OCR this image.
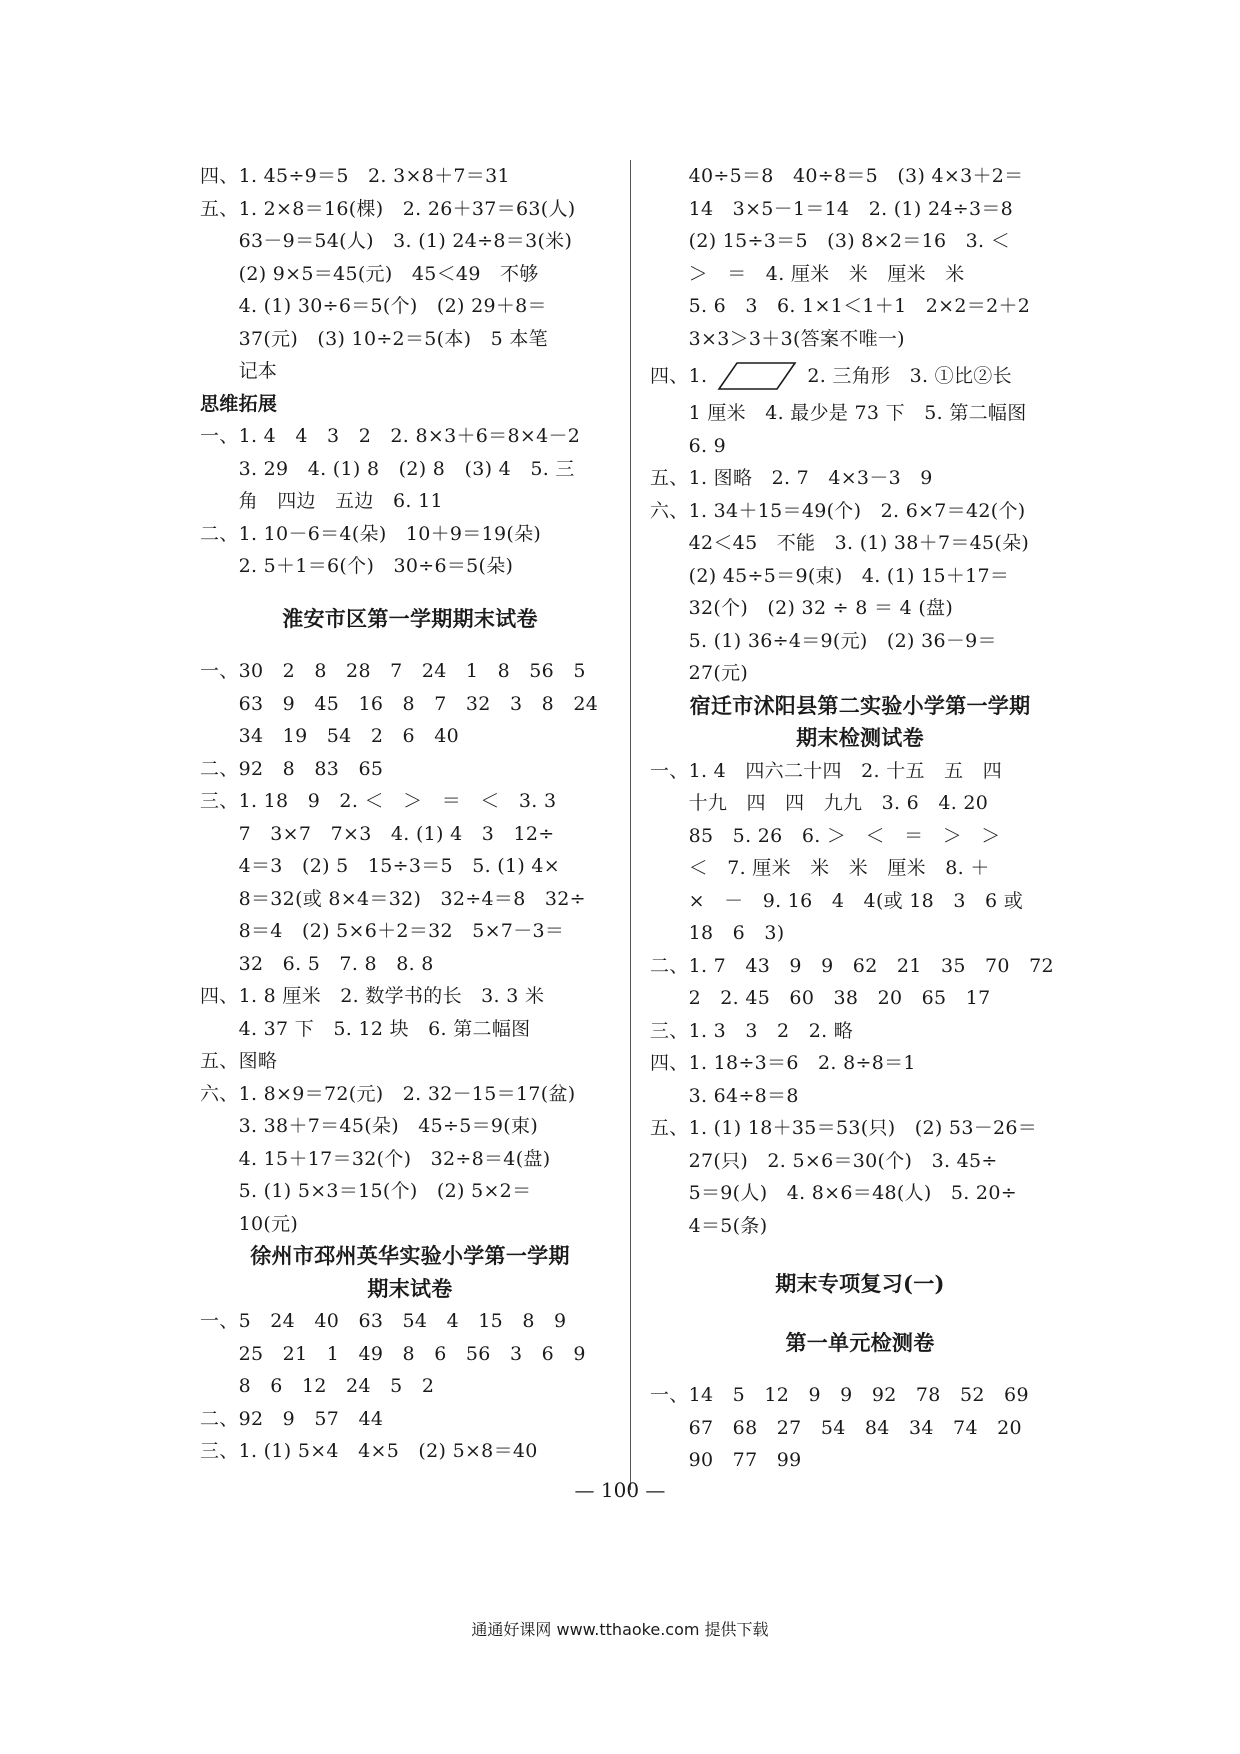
四、1. 45÷9＝5　2. 3×8＋7＝31
五、1. 2×8＝16(棵)　2. 26＋37＝63(人)
　　63－9＝54(人)　3. (1) 24÷8＝3(米)
　　(2) 9×5＝45(元)　45＜49　不够
　　4. (1) 30÷6＝5(个)　(2) 29＋8＝
　　37(元)　(3) 10÷2＝5(本)　5 本笔
　　记本
思维拓展
一、1. 4　4　3　2　2. 8×3＋6＝8×4－2
　　3. 29　4. (1) 8　(2) 8　(3) 4　5. 三
　　角　四边　五边　6. 11
二、1. 10－6＝4(朵)　10＋9＝19(朵)
　　2. 5＋1＝6(个)　30÷6＝5(朵)
淮安市区第一学期期末试卷
一、30　2　8　28　7　24　1　8　56　5
　　63　9　45　16　8　7　32　3　8　24
　　34　19　54　2　6　40
二、92　8　83　65
三、1. 18　9　2. ＜　＞　＝　＜　3. 3
　　7　3×7　7×3　4. (1) 4　3　12÷
　　4＝3　(2) 5　15÷3＝5　5. (1) 4×
　　8＝32(或 8×4＝32)　32÷4＝8　32÷
　　8＝4　(2) 5×6＋2＝32　5×7－3＝
　　32　6. 5　7. 8　8. 8
四、1. 8 厘米　2. 数学书的长　3. 3 米
　　4. 37 下　5. 12 块　6. 第二幅图
五、图略
六、1. 8×9＝72(元)　2. 32－15＝17(盆)
　　3. 38＋7＝45(朵)　45÷5＝9(束)
　　4. 15＋17＝32(个)　32÷8＝4(盘)
　　5. (1) 5×3＝15(个)　(2) 5×2＝
　　10(元)
徐州市邳州英华实验小学第一学期
期末试卷
一、5　24　40　63　54　4　15　8　9
　　25　21　1　49　8　6　56　3　6　9
　　8　6　12　24　5　2
二、92　9　57　44
三、1. (1) 5×4　4×5　(2) 5×8＝40
　　40÷5＝8　40÷8＝5　(3) 4×3＋2＝
　　14　3×5－1＝14　2. (1) 24÷3＝8
　　(2) 15÷3＝5　(3) 8×2＝16　3. ＜
　　＞　＝　4. 厘米　米　厘米　米
　　5. 6　3　6. 1×1＜1＋1　2×2＝2＋2
　　3×3＞3＋3(答案不唯一)
四、1.	2. 三角形　3. ①比②长
　　1 厘米　4. 最少是 73 下　5. 第二幅图
　　6. 9
五、1. 图略　2. 7　4×3－3　9
六、1. 34＋15＝49(个)　2. 6×7＝42(个)
　　42＜45　不能　3. (1) 38＋7＝45(朵)
　　(2) 45÷5＝9(束)　4. (1) 15＋17＝
　　32(个)　(2) 32 ÷ 8 ＝ 4 (盘)
　　5. (1) 36÷4＝9(元)　(2) 36－9＝
　　27(元)
宿迁市沭阳县第二实验小学第一学期
期末检测试卷
一、1. 4　四六二十四　2. 十五　五　四
　　十九　四　四　九九　3. 6　4. 20
　　85　5. 26　6. ＞　＜　＝　＞　＞
　　＜　7. 厘米　米　米　厘米　8. ＋
　　×　－　9. 16　4　4(或 18　3　6 或
　　18　6　3)
二、1. 7　43　9　9　62　21　35　70　72
　　2　2. 45　60　38　20　65　17
三、1. 3　3　2　2. 略
四、1. 18÷3＝6　2. 8÷8＝1
　　3. 64÷8＝8
五、1. (1) 18＋35＝53(只)　(2) 53－26＝
　　27(只)　2. 5×6＝30(个)　3. 45÷
　　5＝9(人)　4. 8×6＝48(人)　5. 20÷
　　4＝5(条)
期末专项复习(一)
第一单元检测卷
一、14　5　12　9　9　92　78　52　69
　　67　68　27　54　84　34　74　20
　　90　77　99
— 100 —
通通好课网 www.tthaoke.com 提供下载
